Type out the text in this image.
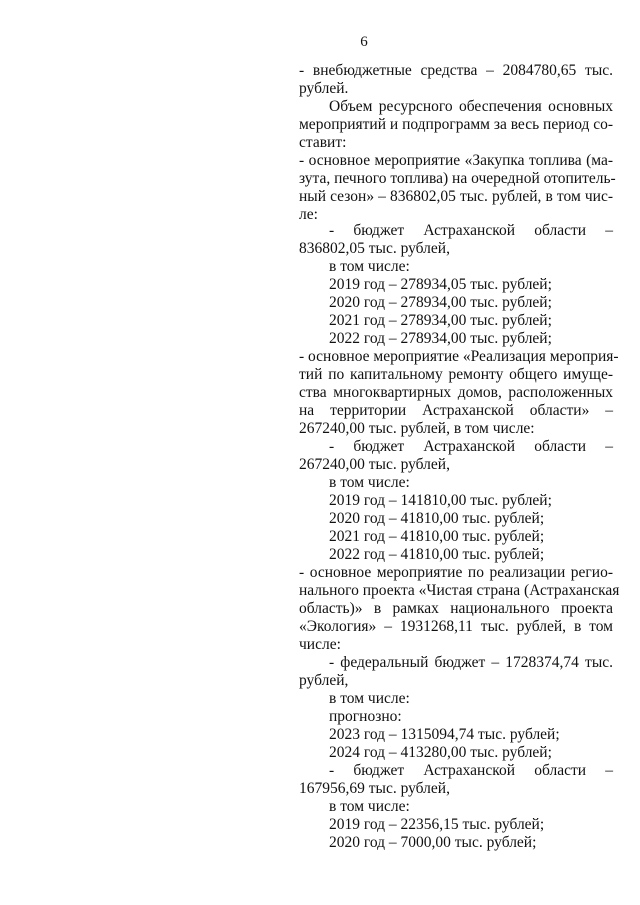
6
- внебюджетные средства – 2084780,65 тыс.
рублей.
Объем ресурсного обеспечения основных
мероприятий и подпрограмм за весь период со-
ставит:
- основное мероприятие «Закупка топлива (ма-
зута, печного топлива) на очередной отопитель-
ный сезон» – 836802,05 тыс. рублей, в том чис-
ле:
- бюджет Астраханской области –
836802,05 тыс. рублей,
в том числе:
2019 год – 278934,05 тыс. рублей;
2020 год – 278934,00 тыс. рублей;
2021 год – 278934,00 тыс. рублей;
2022 год – 278934,00 тыс. рублей;
- основное мероприятие «Реализация мероприя-
тий по капитальному ремонту общего имуще-
ства многоквартирных домов, расположенных
на территории Астраханской области» –
267240,00 тыс. рублей, в том числе:
- бюджет Астраханской области –
267240,00 тыс. рублей,
в том числе:
2019 год – 141810,00 тыс. рублей;
2020 год – 41810,00 тыс. рублей;
2021 год – 41810,00 тыс. рублей;
2022 год – 41810,00 тыс. рублей;
- основное мероприятие по реализации регио-
нального проекта «Чистая страна (Астраханская
область)» в рамках национального проекта
«Экология» – 1931268,11 тыс. рублей, в том
числе:
- федеральный бюджет – 1728374,74 тыс.
рублей,
в том числе:
прогнозно:
2023 год – 1315094,74 тыс. рублей;
2024 год – 413280,00 тыс. рублей;
- бюджет Астраханской области –
167956,69 тыс. рублей,
в том числе:
2019 год – 22356,15 тыс. рублей;
2020 год – 7000,00 тыс. рублей;
